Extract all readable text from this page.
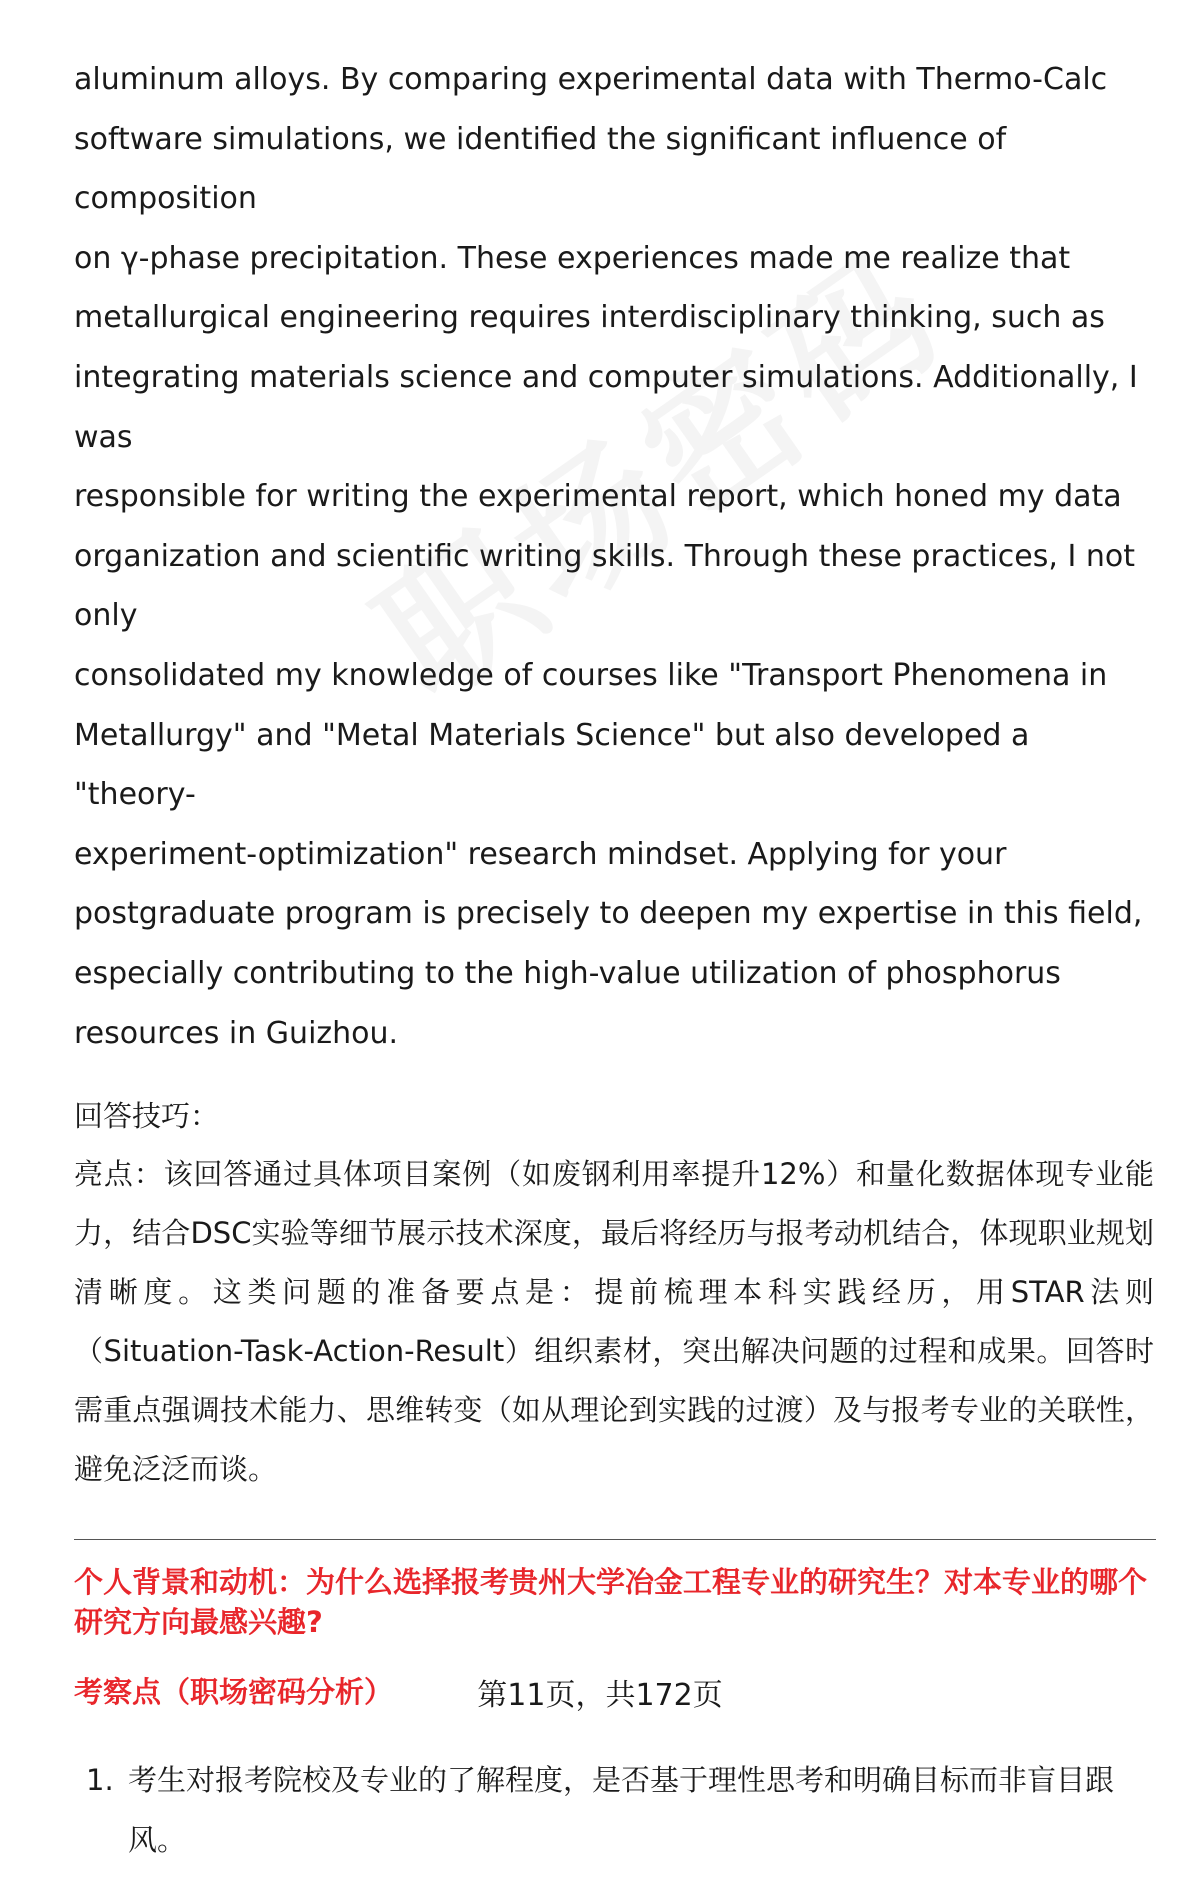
aluminum alloys. By comparing experimental data with Thermo-Calc
software simulations, we identified the significant influence of composition
on γ-phase precipitation. These experiences made me realize that
metallurgical engineering requires interdisciplinary thinking, such as
integrating materials science and computer simulations. Additionally, I was
responsible for writing the experimental report, which honed my data
organization and scientific writing skills. Through these practices, I not only
consolidated my knowledge of courses like "Transport Phenomena in
Metallurgy" and "Metal Materials Science" but also developed a "theory-
experiment-optimization" research mindset. Applying for your
postgraduate program is precisely to deepen my expertise in this field,
especially contributing to the high-value utilization of phosphorus
resources in Guizhou.

回答技巧：

亮点：该回答通过具体项目案例（如废钢利用率提升12%）和量化数据体现专业能力，结合DSC实验等细节展示技术深度，最后将经历与报考动机结合，体现职业规划清晰度。这类问题的准备要点是：提前梳理本科实践经历，用STAR法则（Situation-Task-Action-Result）组织素材，突出解决问题的过程和成果。回答时需重点强调技术能力、思维转变（如从理论到实践的过渡）及与报考专业的关联性，避免泛泛而谈。

个人背景和动机：为什么选择报考贵州大学冶金工程专业的研究生？对本专业的哪个研究方向最感兴趣?

考察点（职场密码分析）
1. 考生对报考院校及专业的了解程度，是否基于理性思考和明确目标而非盲目跟风。
第11页，共172页
